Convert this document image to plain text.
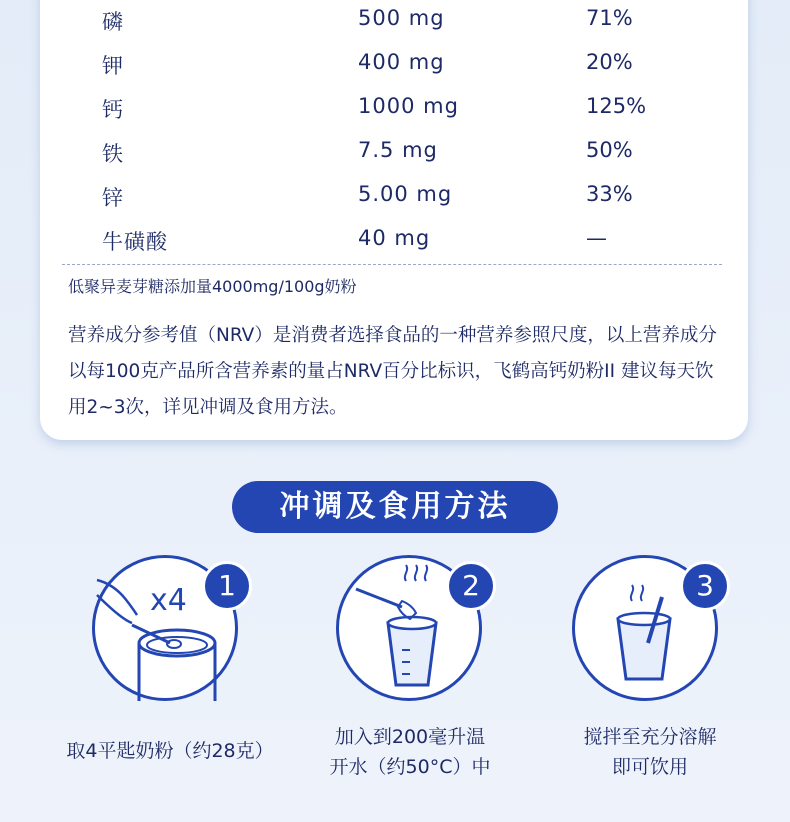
磷	500 mg	71%
钾	400 mg	20%
钙	1000 mg	125%
铁	7.5 mg	50%
锌	5.00 mg	33%
牛磺酸	40 mg	—
低聚异麦芽糖添加量4000mg/100g奶粉
营养成分参考值（NRV）是消费者选择食品的一种营养参照尺度，以上营养成分以每100克产品所含营养素的量占NRV百分比标识，飞鹤高钙奶粉II 建议每天饮用2~3次，详见冲调及食用方法。
冲调及食用方法
x4	1
取4平匙奶粉（约28克）
2
加入到200毫升温
开水（约50°C）中
3
搅拌至充分溶解
即可饮用
